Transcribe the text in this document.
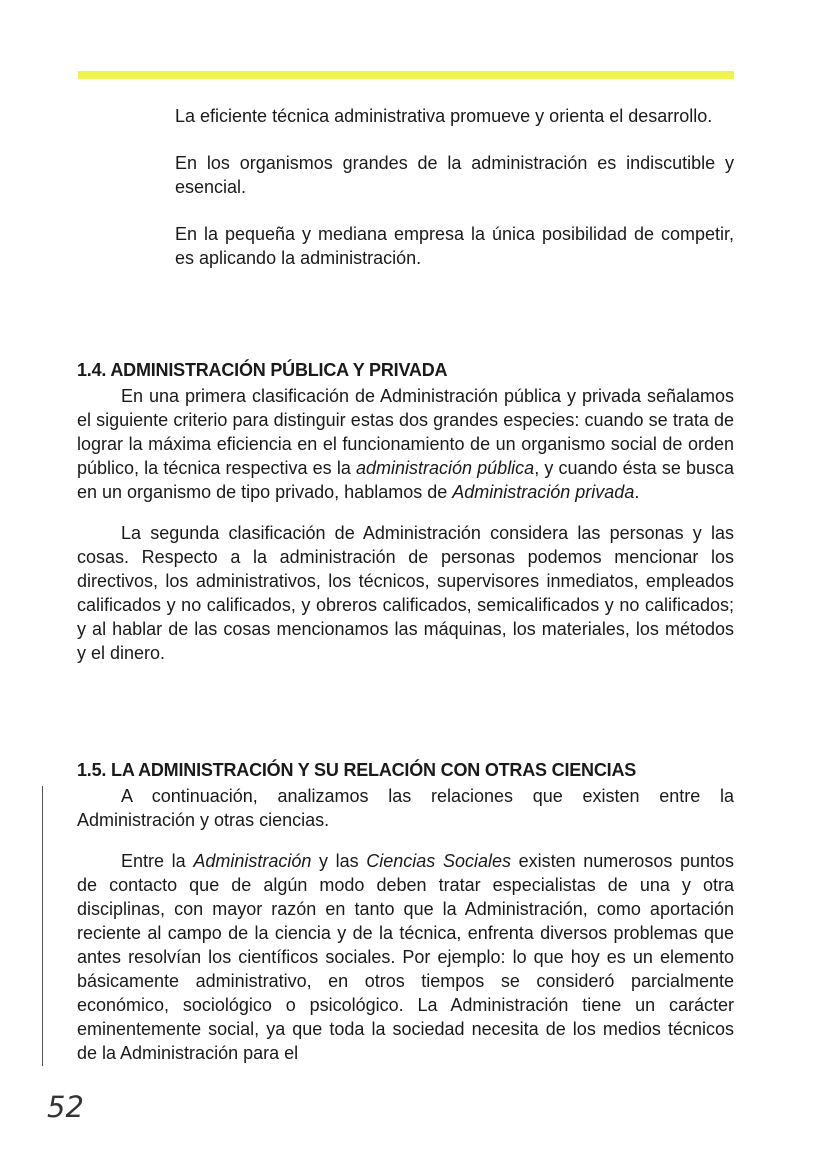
La eficiente técnica administrativa promueve y orienta el desarrollo.

En los organismos grandes de la administración es indiscutible y esencial.

En la pequeña y mediana empresa la única posibilidad de competir, es aplicando la administración.

1.4. ADMINISTRACIÓN PÚBLICA Y PRIVADA

En una primera clasificación de Administración pública y privada señalamos el siguiente criterio para distinguir estas dos grandes especies: cuando se trata de lograr la máxima eficiencia en el funcionamiento de un organismo social de orden público, la técnica respectiva es la administración pública, y cuando ésta se busca en un organismo de tipo privado, hablamos de Administración privada.

La segunda clasificación de Administración considera las personas y las cosas. Respecto a la administración de personas podemos mencionar los directivos, los administrativos, los técnicos, supervisores inmediatos, empleados calificados y no calificados, y obreros calificados, semicalificados y no calificados; y al hablar de las cosas mencionamos las máquinas, los materiales, los métodos y el dinero.

1.5. LA ADMINISTRACIÓN Y SU RELACIÓN CON OTRAS CIENCIAS

A continuación, analizamos las relaciones que existen entre la Administración y otras ciencias.

Entre la Administración y las Ciencias Sociales existen numerosos puntos de contacto que de algún modo deben tratar especialistas de una y otra disciplinas, con mayor razón en tanto que la Administración, como aportación reciente al campo de la ciencia y de la técnica, enfrenta diversos problemas que antes resolvían los científicos sociales. Por ejemplo: lo que hoy es un elemento básicamente administrativo, en otros tiempos se consideró parcialmente económico, sociológico o psicológico. La Administración tiene un carácter eminentemente social, ya que toda la sociedad necesita de los medios técnicos de la Administración para el

52
